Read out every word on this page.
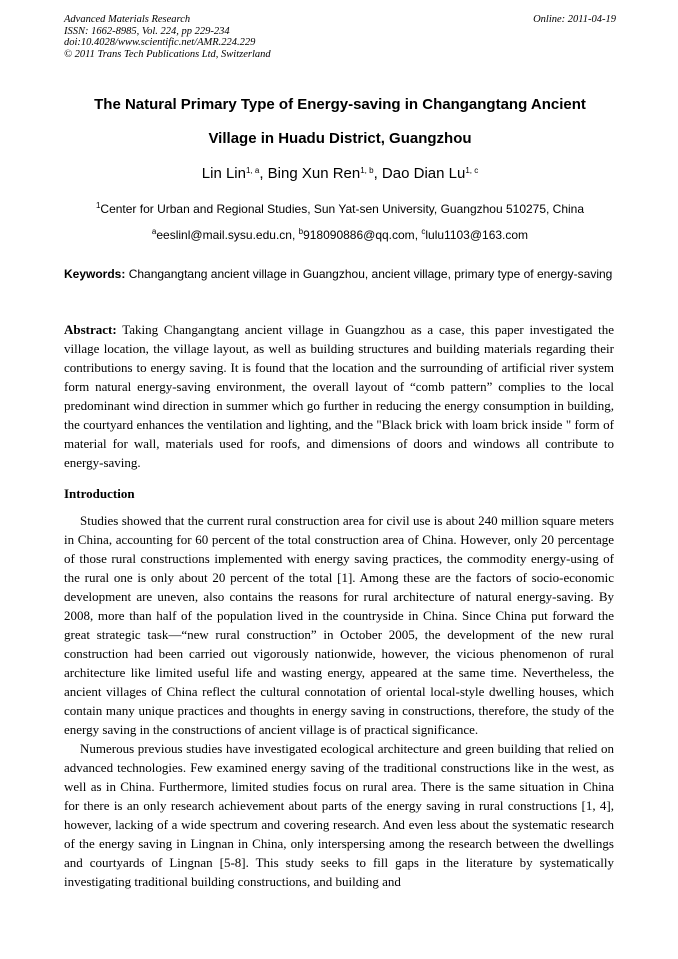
Advanced Materials Research
ISSN: 1662-8985, Vol. 224, pp 229-234
doi:10.4028/www.scientific.net/AMR.224.229
© 2011 Trans Tech Publications Ltd, Switzerland
Online: 2011-04-19
The Natural Primary Type of Energy-saving in Changangtang Ancient
Village in Huadu District, Guangzhou
Lin Lin$^{1, a}$, Bing Xun Ren$^{1, b}$, Dao Dian Lu$^{1, c}$
$^1$Center for Urban and Regional Studies, Sun Yat-sen University, Guangzhou 510275, China
$^a$eeslinl@mail.sysu.edu.cn, $^b$918090886@qq.com, $^c$lulu1103@163.com
Keywords: Changangtang ancient village in Guangzhou, ancient village, primary type of energy-saving
Abstract: Taking Changangtang ancient village in Guangzhou as a case, this paper investigated the village location, the village layout, as well as building structures and building materials regarding their contributions to energy saving. It is found that the location and the surrounding of artificial river system form natural energy-saving environment, the overall layout of “comb pattern” complies to the local predominant wind direction in summer which go further in reducing the energy consumption in building, the courtyard enhances the ventilation and lighting, and the "Black brick with loam brick inside " form of material for wall, materials used for roofs, and dimensions of doors and windows all contribute to energy-saving.
Introduction

Studies showed that the current rural construction area for civil use is about 240 million square meters in China, accounting for 60 percent of the total construction area of China. However, only 20 percentage of those rural constructions implemented with energy saving practices, the commodity energy-using of the rural one is only about 20 percent of the total [1]. Among these are the factors of socio-economic development are uneven, also contains the reasons for rural architecture of natural energy-saving. By 2008, more than half of the population lived in the countryside in China. Since China put forward the great strategic task—“new rural construction” in October 2005, the development of the new rural construction had been carried out vigorously nationwide, however, the vicious phenomenon of rural architecture like limited useful life and wasting energy, appeared at the same time. Nevertheless, the ancient villages of China reflect the cultural connotation of oriental local-style dwelling houses, which contain many unique practices and thoughts in energy saving in constructions, therefore, the study of the energy saving in the constructions of ancient village is of practical significance.

Numerous previous studies have investigated ecological architecture and green building that relied on advanced technologies. Few examined energy saving of the traditional constructions like in the west, as well as in China. Furthermore, limited studies focus on rural area. There is the same situation in China for there is an only research achievement about parts of the energy saving in rural constructions [1, 4], however, lacking of a wide spectrum and covering research. And even less about the systematic research of the energy saving in Lingnan in China, only interspersing among the research between the dwellings and courtyards of Lingnan [5-8]. This study seeks to fill gaps in the literature by systematically investigating traditional building constructions, and building and
